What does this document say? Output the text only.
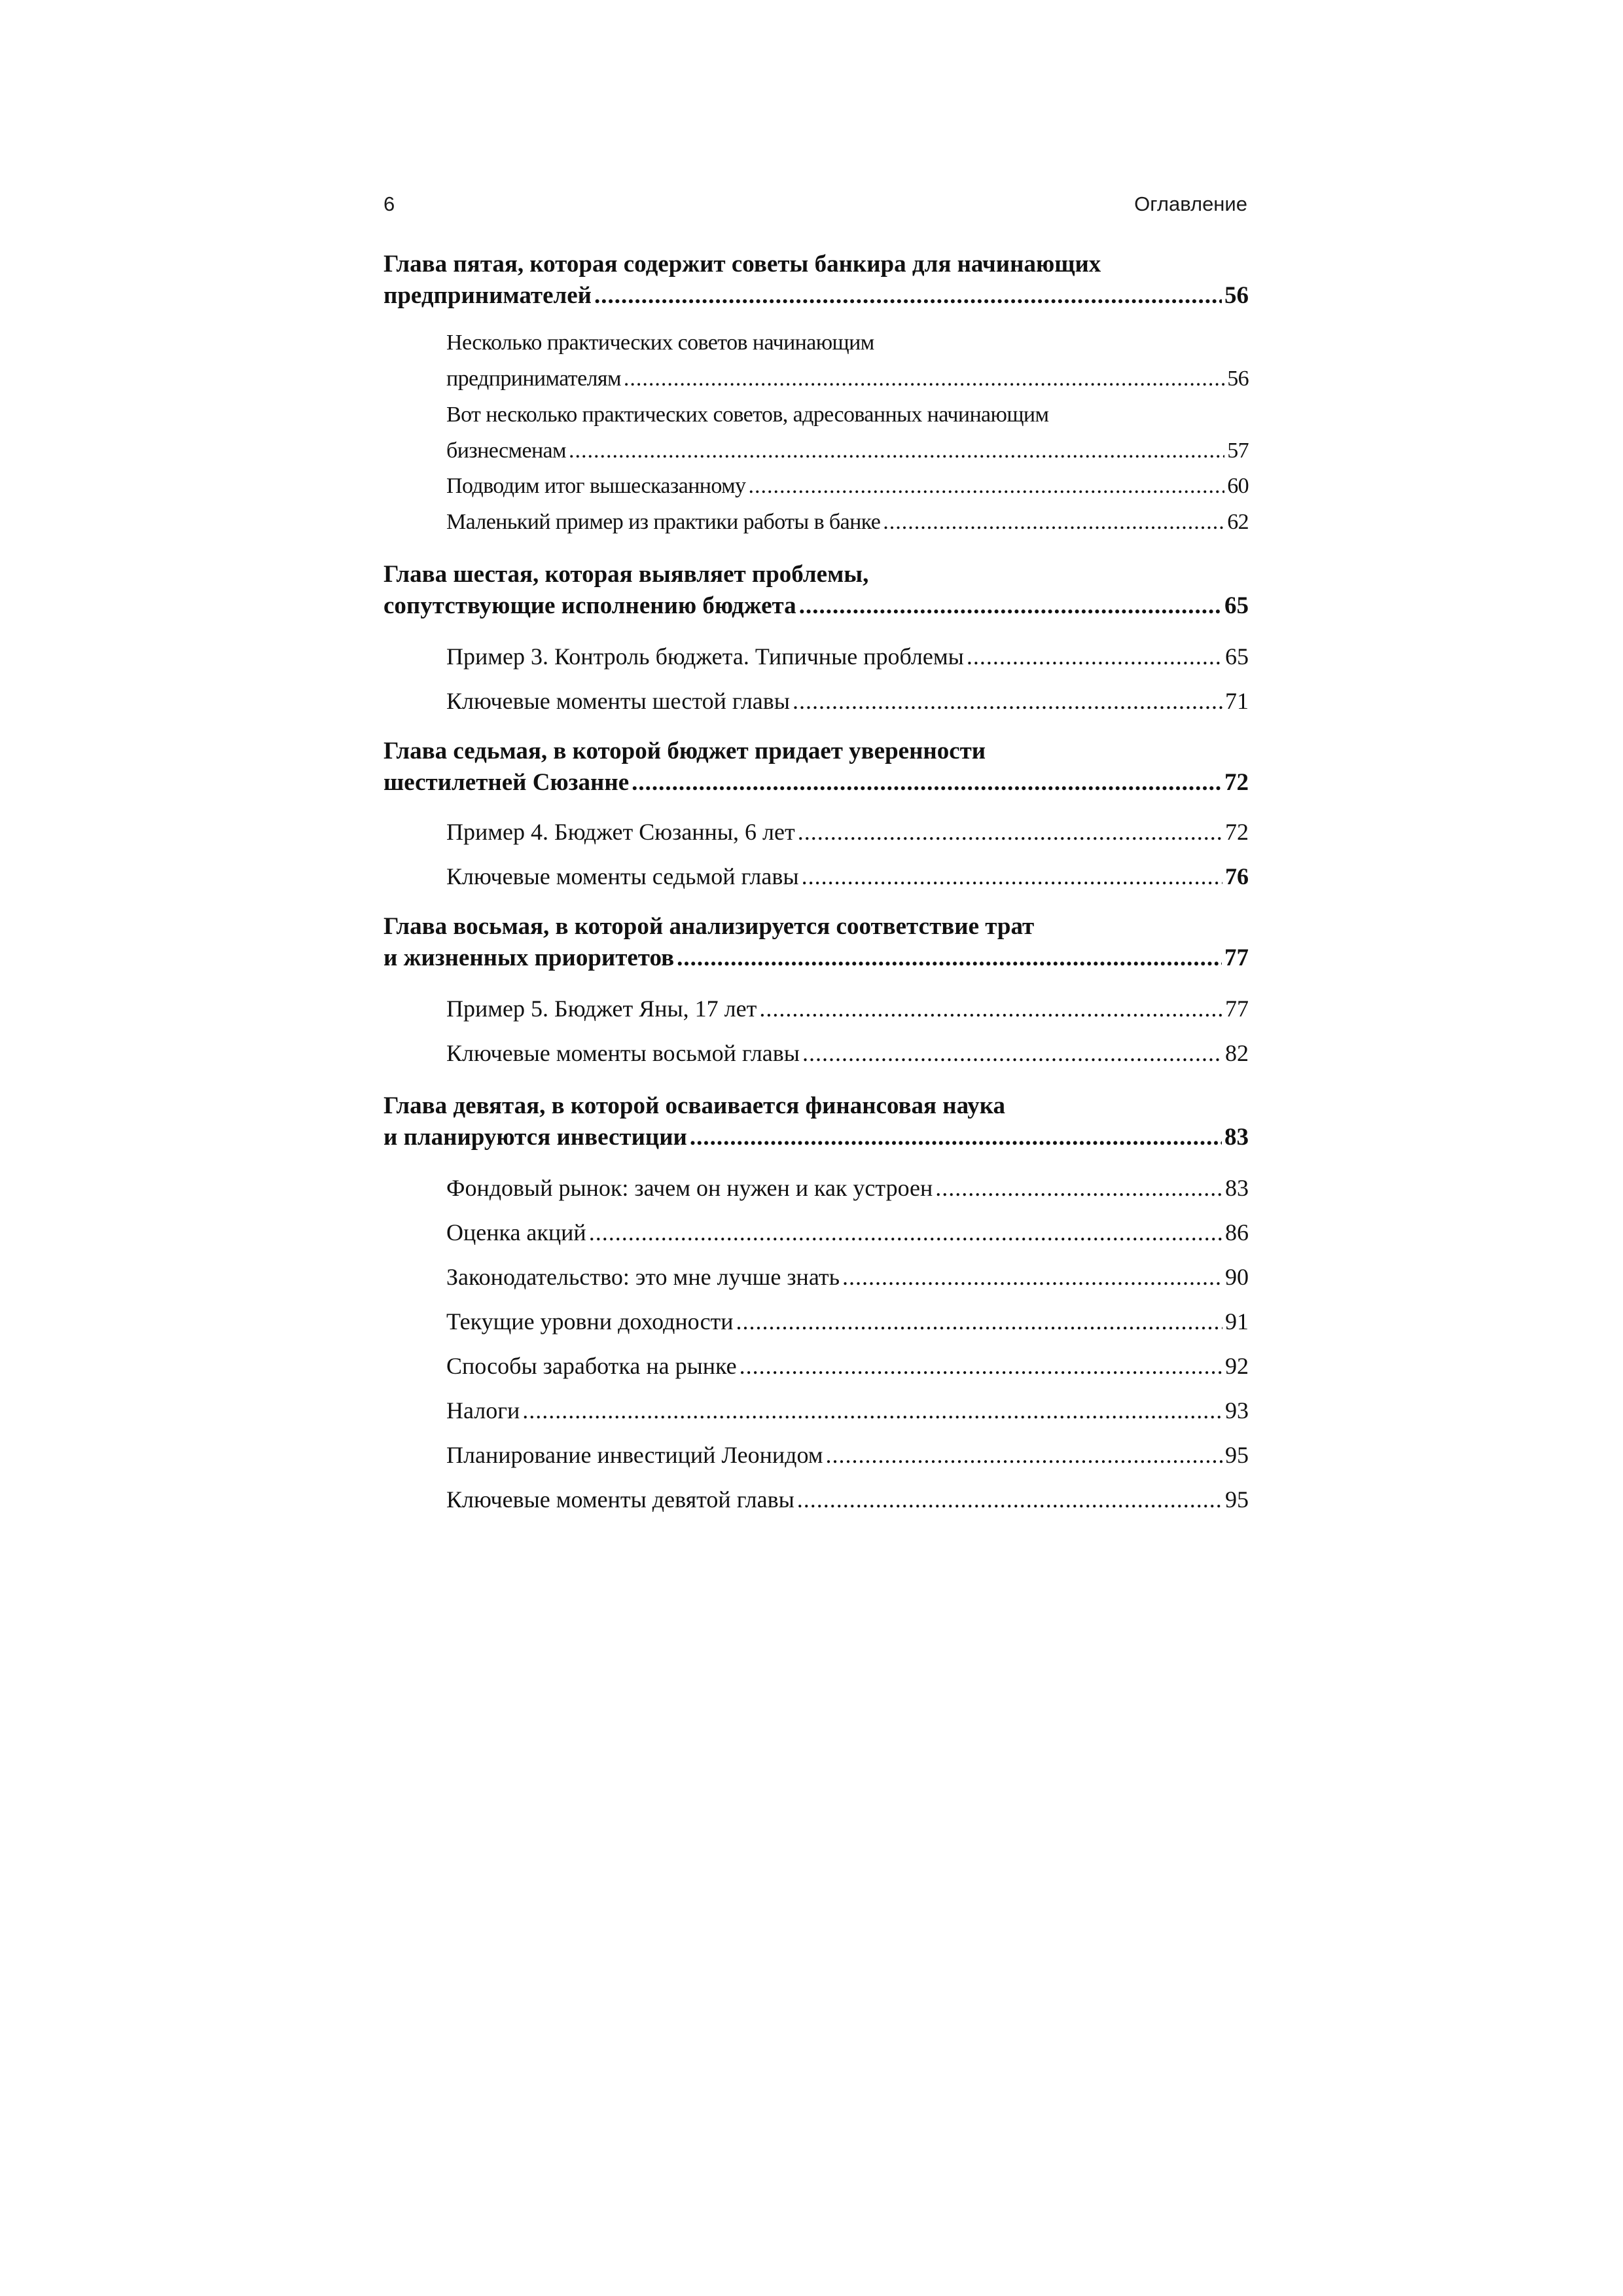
6	Оглавление
Глава пятая, которая содержит советы банкира для начинающих
предпринимателей .....	56
Несколько практических советов начинающим
предпринимателям .....	56
Вот несколько практических советов, адресованных начинающим
бизнесменам .....	57
Подводим итог вышесказанному .....	60
Маленький пример из практики работы в банке .....	62
Глава шестая, которая выявляет проблемы,
сопутствующие исполнению бюджета .....	65
Пример 3. Контроль бюджета. Типичные проблемы .....	65
Ключевые моменты шестой главы .....	71
Глава седьмая, в которой бюджет придает уверенности
шестилетней Сюзанне .....	72
Пример 4. Бюджет Сюзанны, 6 лет .....	72
Ключевые моменты седьмой главы .....	76
Глава восьмая, в которой анализируется соответствие трат
и жизненных приоритетов .....	77
Пример 5. Бюджет Яны, 17 лет .....	77
Ключевые моменты восьмой главы .....	82
Глава девятая, в которой осваивается финансовая наука
и планируются инвестиции .....	83
Фондовый рынок: зачем он нужен и как устроен .....	83
Оценка акций .....	86
Законодательство: это мне лучше знать .....	90
Текущие уровни доходности .....	91
Способы заработка на рынке .....	92
Налоги .....	93
Планирование инвестиций Леонидом .....	95
Ключевые моменты девятой главы .....	95
